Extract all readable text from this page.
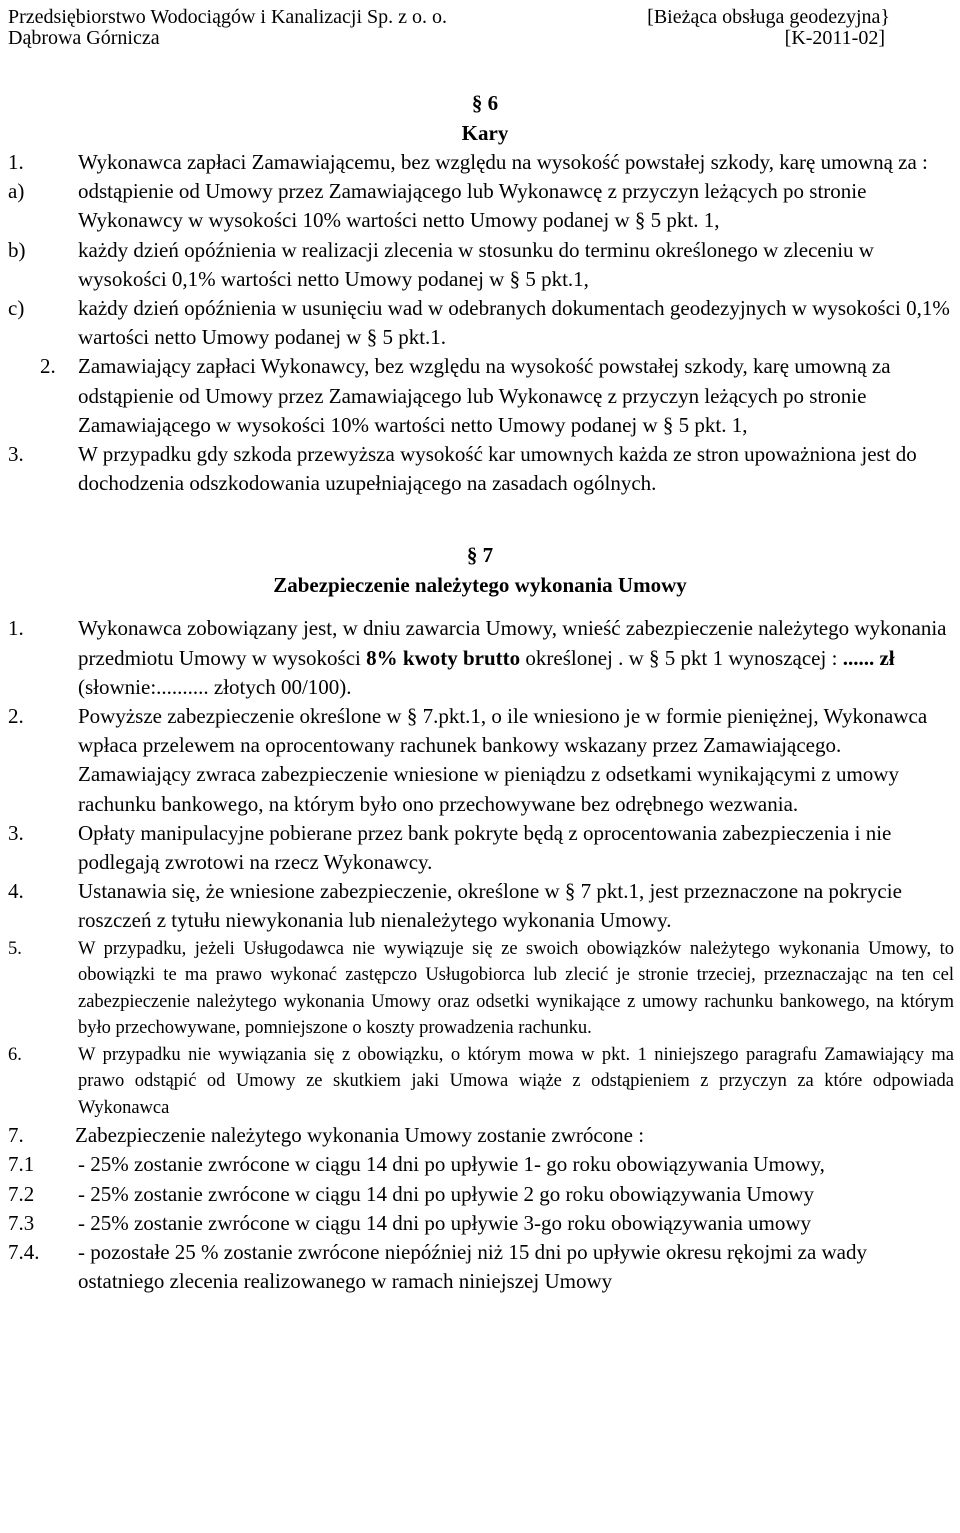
Przedsiębiorstwo Wodociągów i Kanalizacji Sp. z o. o.	[Bieżąca obsługa geodezyjna}
Dąbrowa Górnicza	[K-2011-02]
§ 6
Kary
1.	Wykonawca zapłaci Zamawiającemu, bez względu na wysokość powstałej szkody, karę umowną za :
a)	odstąpienie od Umowy przez Zamawiającego lub Wykonawcę z przyczyn leżących po stronie Wykonawcy w wysokości 10% wartości netto Umowy podanej w § 5 pkt. 1,
b)	każdy dzień opóźnienia w realizacji zlecenia w stosunku do terminu określonego w zleceniu w wysokości 0,1% wartości netto Umowy podanej w § 5 pkt.1,
c)	każdy dzień opóźnienia w usunięciu wad w odebranych dokumentach geodezyjnych w wysokości 0,1% wartości netto Umowy podanej w § 5 pkt.1.
2. Zamawiający zapłaci Wykonawcy, bez względu na wysokość powstałej szkody, karę umowną za odstąpienie od Umowy przez Zamawiającego lub Wykonawcę z przyczyn leżących po stronie Zamawiającego w wysokości 10% wartości netto Umowy podanej w § 5 pkt. 1,
3.	W przypadku gdy szkoda przewyższa wysokość kar umownych każda ze stron upoważniona jest do dochodzenia odszkodowania uzupełniającego na zasadach ogólnych.
§ 7
Zabezpieczenie należytego wykonania Umowy
1.	Wykonawca zobowiązany jest, w dniu zawarcia Umowy, wnieść zabezpieczenie należytego wykonania przedmiotu Umowy w wysokości 8% kwoty brutto określonej . w § 5 pkt 1 wynoszącej : ...... zł (słownie:.......... złotych 00/100).
2.	Powyższe zabezpieczenie określone w § 7.pkt.1, o ile wniesiono je w formie pieniężnej, Wykonawca wpłaca przelewem na oprocentowany rachunek bankowy wskazany przez Zamawiającego. Zamawiający zwraca zabezpieczenie wniesione w pieniądzu z odsetkami wynikającymi z umowy rachunku bankowego, na którym było ono przechowywane bez odrębnego wezwania.
3.	Opłaty manipulacyjne pobierane przez bank pokryte będą z oprocentowania zabezpieczenia i nie podlegają zwrotowi na rzecz Wykonawcy.
4.	Ustanawia się, że wniesione zabezpieczenie, określone w § 7 pkt.1, jest przeznaczone na pokrycie roszczeń z tytułu niewykonania lub nienależytego wykonania Umowy.
5.	W przypadku, jeżeli Usługodawca nie wywiązuje się ze swoich obowiązków należytego wykonania Umowy, to obowiązki te ma prawo wykonać zastępczo Usługobiorca lub zlecić je stronie trzeciej, przeznaczając na ten cel zabezpieczenie należytego wykonania Umowy oraz odsetki wynikające z umowy rachunku bankowego, na którym było przechowywane, pomniejszone o koszty prowadzenia rachunku.
6.	W przypadku nie wywiązania się z obowiązku, o którym mowa w pkt. 1 niniejszego paragrafu Zamawiający ma prawo odstąpić od Umowy ze skutkiem jaki Umowa wiąże z odstąpieniem z przyczyn za które odpowiada Wykonawca
7. Zabezpieczenie należytego wykonania Umowy zostanie zwrócone :
7.1 - 25% zostanie zwrócone w ciągu 14 dni po upływie 1- go roku obowiązywania Umowy,
7.2 - 25% zostanie zwrócone w ciągu 14 dni po upływie 2 go roku obowiązywania Umowy
7.3 - 25% zostanie zwrócone w ciągu 14 dni po upływie 3-go roku obowiązywania umowy
7.4. - pozostałe 25 % zostanie zwrócone niepóźniej niż 15 dni po upływie okresu rękojmi za wady ostatniego zlecenia realizowanego w ramach niniejszej Umowy
